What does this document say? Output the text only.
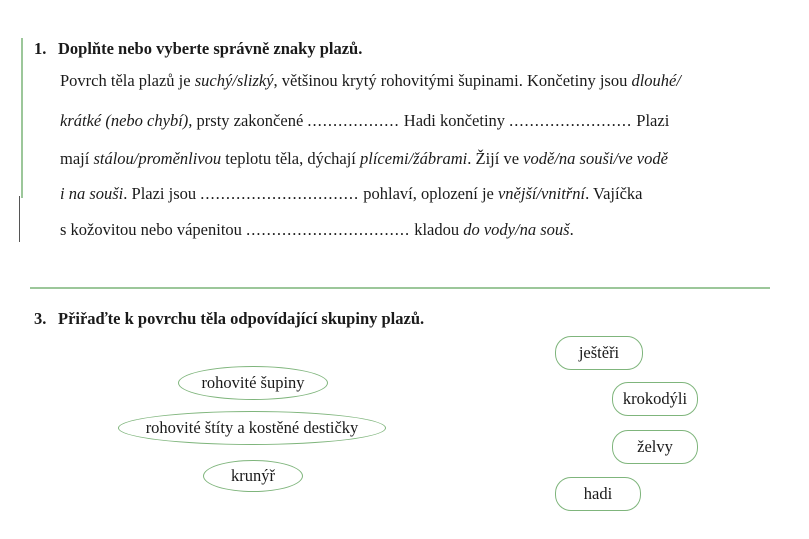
1. Doplňte nebo vyberte správně znaky plazů.
Povrch těla plazů je suchý/slizký, většinou krytý rohovitými šupinami. Končetiny jsou dlouhé/
krátké (nebo chybí), prsty zakončené .................. Hadi končetiny ........................ Plazi
mají stálou/proměnlivou teplotu těla, dýchají plícemi/žábrami. Žijí ve vodě/na souši/ve vodě
i na souši. Plazi jsou ............................... pohlaví, oplození je vnější/vnitřní. Vajíčka
s kožovitou nebo vápenitou ................................ kladou do vody/na souš.
3. Přiřaďte k povrchu těla odpovídající skupiny plazů.
rohovité šupiny
rohovité štíty a kostěné destičky
krunýř
ještěři
krokodýli
želvy
hadi
